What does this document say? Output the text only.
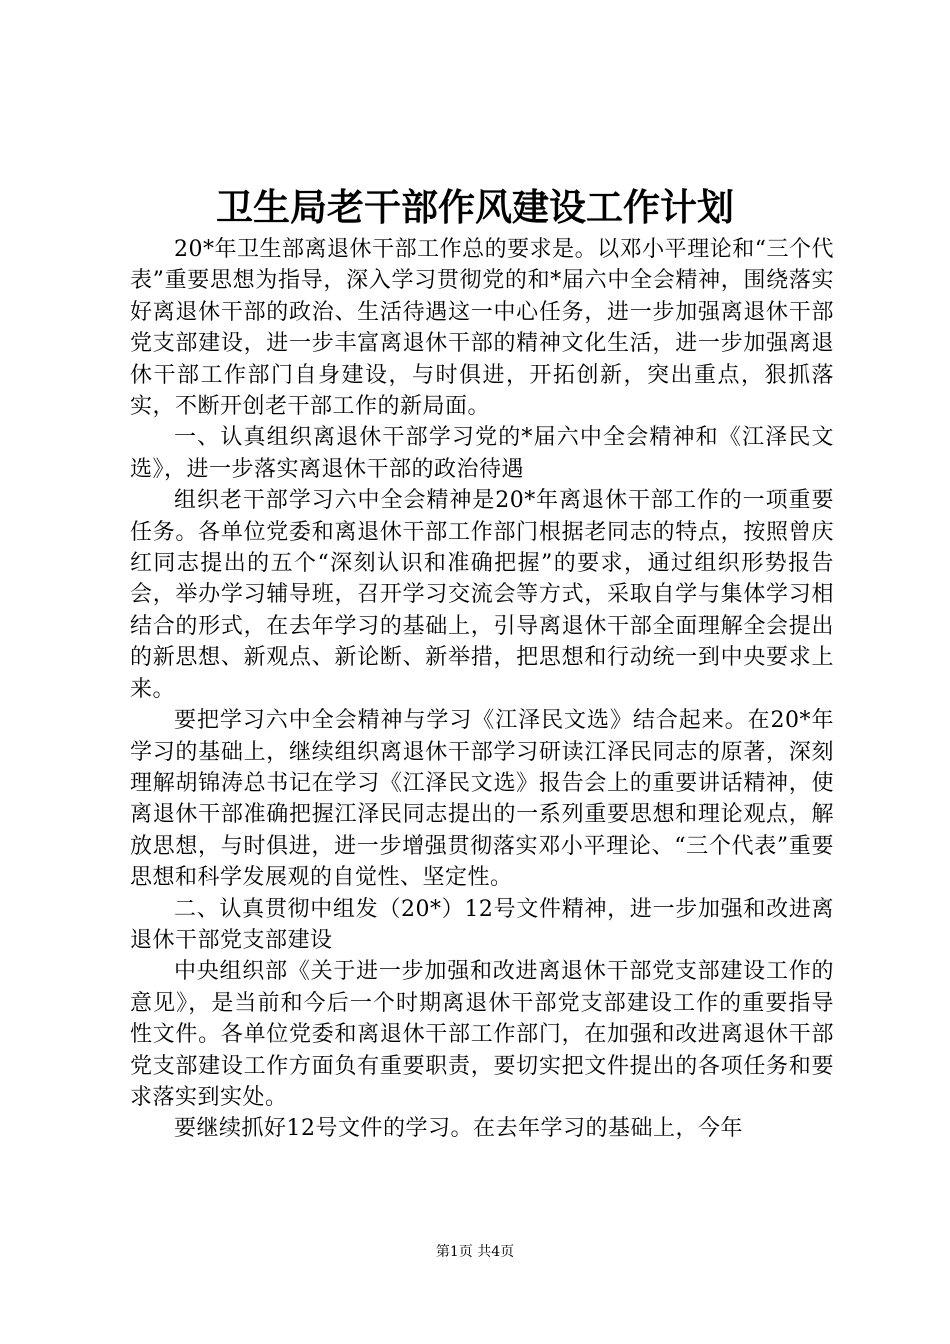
卫生局老干部作风建设工作计划

20*年卫生部离退休干部工作总的要求是。以邓小平理论和“三个代表”重要思想为指导，深入学习贯彻党的和*届六中全会精神，围绕落实好离退休干部的政治、生活待遇这一中心任务，进一步加强离退休干部党支部建设，进一步丰富离退休干部的精神文化生活，进一步加强离退休干部工作部门自身建设，与时俱进，开拓创新，突出重点，狠抓落实，不断开创老干部工作的新局面。

一、认真组织离退休干部学习党的*届六中全会精神和《江泽民文选》，进一步落实离退休干部的政治待遇

组织老干部学习六中全会精神是20*年离退休干部工作的一项重要任务。各单位党委和离退休干部工作部门根据老同志的特点，按照曾庆红同志提出的五个“深刻认识和准确把握”的要求，通过组织形势报告会，举办学习辅导班，召开学习交流会等方式，采取自学与集体学习相结合的形式，在去年学习的基础上，引导离退休干部全面理解全会提出的新思想、新观点、新论断、新举措，把思想和行动统一到中央要求上来。

要把学习六中全会精神与学习《江泽民文选》结合起来。在20*年学习的基础上，继续组织离退休干部学习研读江泽民同志的原著，深刻理解胡锦涛总书记在学习《江泽民文选》报告会上的重要讲话精神，使离退休干部准确把握江泽民同志提出的一系列重要思想和理论观点，解放思想，与时俱进，进一步增强贯彻落实邓小平理论、“三个代表”重要思想和科学发展观的自觉性、坚定性。

二、认真贯彻中组发（20*）12号文件精神，进一步加强和改进离退休干部党支部建设

中央组织部《关于进一步加强和改进离退休干部党支部建设工作的意见》，是当前和今后一个时期离退休干部党支部建设工作的重要指导性文件。各单位党委和离退休干部工作部门，在加强和改进离退休干部党支部建设工作方面负有重要职责，要切实把文件提出的各项任务和要求落实到实处。

要继续抓好12号文件的学习。在去年学习的基础上，今年

第1页 共4页
